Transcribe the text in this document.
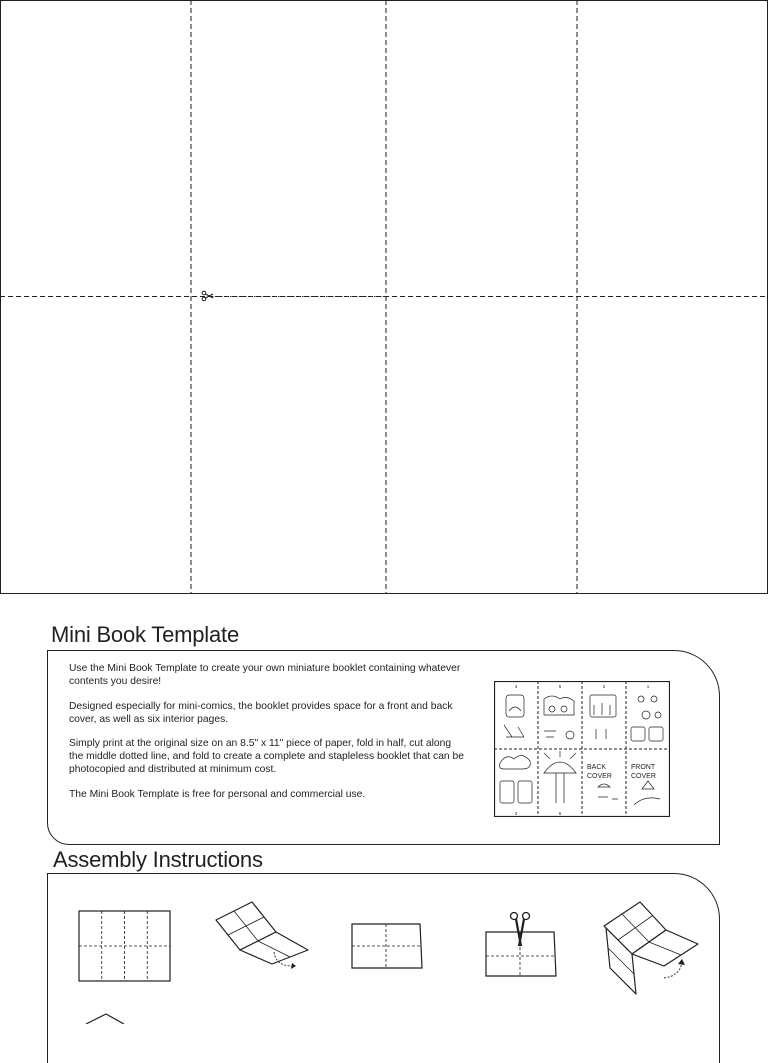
Mini Book Template

Use the Mini Book Template to create your own miniature booklet containing whatever contents you desire!

Designed especially for mini-comics, the booklet provides space for a front and back cover, as well as six interior pages.

Simply print at the original size on an 8.5" x 11" piece of paper, fold in half, cut along the middle dotted line, and fold to create a complete and stapleless booklet that can be photocopied and distributed at minimum cost.

The Mini Book Template is free for personal and commercial use.

4	5	2	1
3	6
BACK
COVER
FRONT
COVER
Assembly Instructions
